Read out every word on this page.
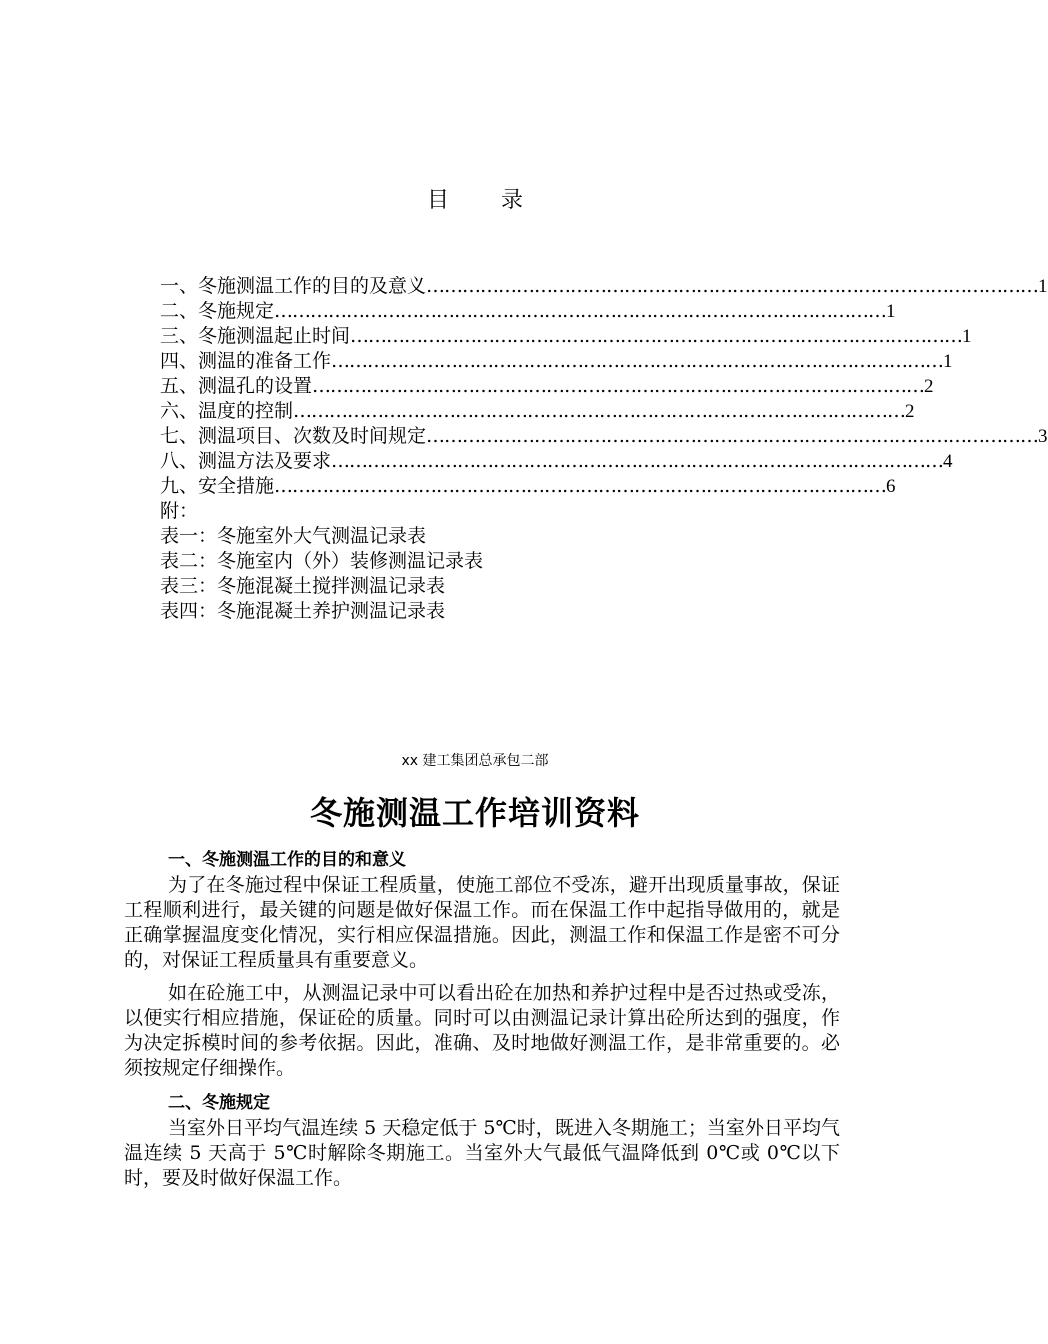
目 录
一、冬施测温工作的目的及意义 ………………………………………………………………………………………… 1
二、冬施规定 ………………………………………………………………………………………… 1
三、冬施测温起止时间 ………………………………………………………………………………………… 1
四、测温的准备工作 ………………………………………………………………………………………… 1
五、测温孔的设置 ………………………………………………………………………………………… 2
六、温度的控制 ………………………………………………………………………………………… 2
七、测温项目、次数及时间规定 ………………………………………………………………………………………… 3
八、测温方法及要求 ………………………………………………………………………………………… 4
九、安全措施 ………………………………………………………………………………………… 6
附：
表一：冬施室外大气测温记录表
表二：冬施室内（外）装修测温记录表
表三：冬施混凝土搅拌测温记录表
表四：冬施混凝土养护测温记录表
xx 建工集团总承包二部
冬施测温工作培训资料
一、冬施测温工作的目的和意义

为了在冬施过程中保证工程质量，使施工部位不受冻，避开出现质量事故，保证工程顺利进行，最关键的问题是做好保温工作。而在保温工作中起指导做用的，就是正确掌握温度变化情况，实行相应保温措施。因此，测温工作和保温工作是密不可分的，对保证工程质量具有重要意义。

如在砼施工中，从测温记录中可以看出砼在加热和养护过程中是否过热或受冻，以便实行相应措施，保证砼的质量。同时可以由测温记录计算出砼所达到的强度，作为决定拆模时间的参考依据。因此，准确、及时地做好测温工作，是非常重要的。必须按规定仔细操作。

二、冬施规定

当室外日平均气温连续 5 天稳定低于 5℃时，既进入冬期施工；当室外日平均气温连续 5 天高于 5℃时解除冬期施工。当室外大气最低气温降低到 0℃或 0℃以下时，要及时做好保温工作。
